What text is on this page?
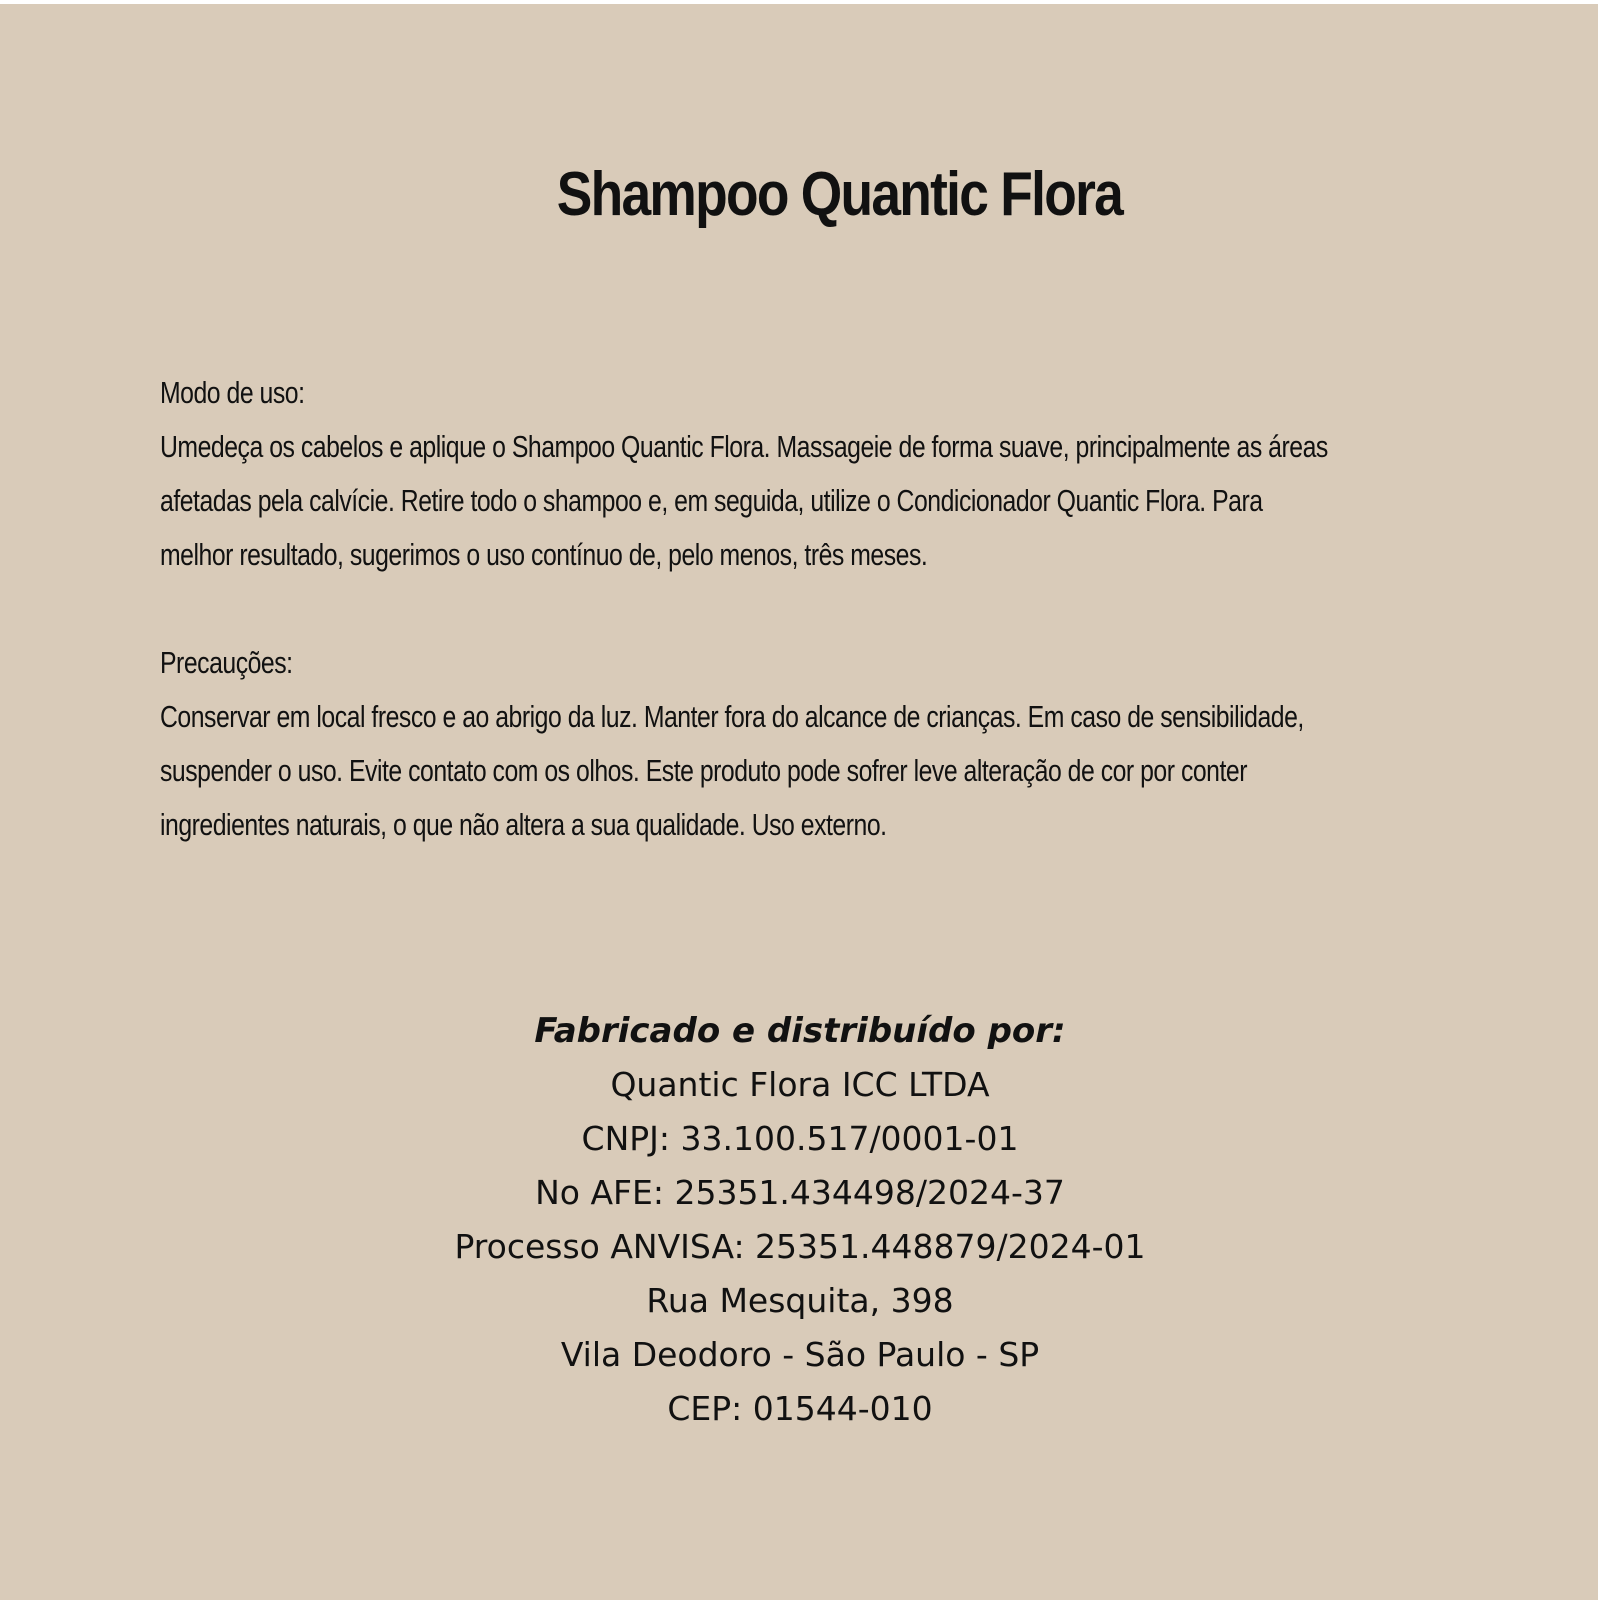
Shampoo Quantic Flora

Modo de uso:

Umedeça os cabelos e aplique o Shampoo Quantic Flora. Massageie de forma suave, principalmente as áreas

afetadas pela calvície. Retire todo o shampoo e, em seguida, utilize o Condicionador Quantic Flora. Para

melhor resultado, sugerimos o uso contínuo de, pelo menos, três meses.

Precauções:

Conservar em local fresco e ao abrigo da luz. Manter fora do alcance de crianças. Em caso de sensibilidade,

suspender o uso. Evite contato com os olhos. Este produto pode sofrer leve alteração de cor por conter

ingredientes naturais, o que não altera a sua qualidade. Uso externo.

Fabricado e distribuído por:
Quantic Flora ICC LTDA
CNPJ: 33.100.517/0001-01
No AFE: 25351.434498/2024-37
Processo ANVISA: 25351.448879/2024-01
Rua Mesquita, 398
Vila Deodoro - São Paulo - SP
CEP: 01544-010
